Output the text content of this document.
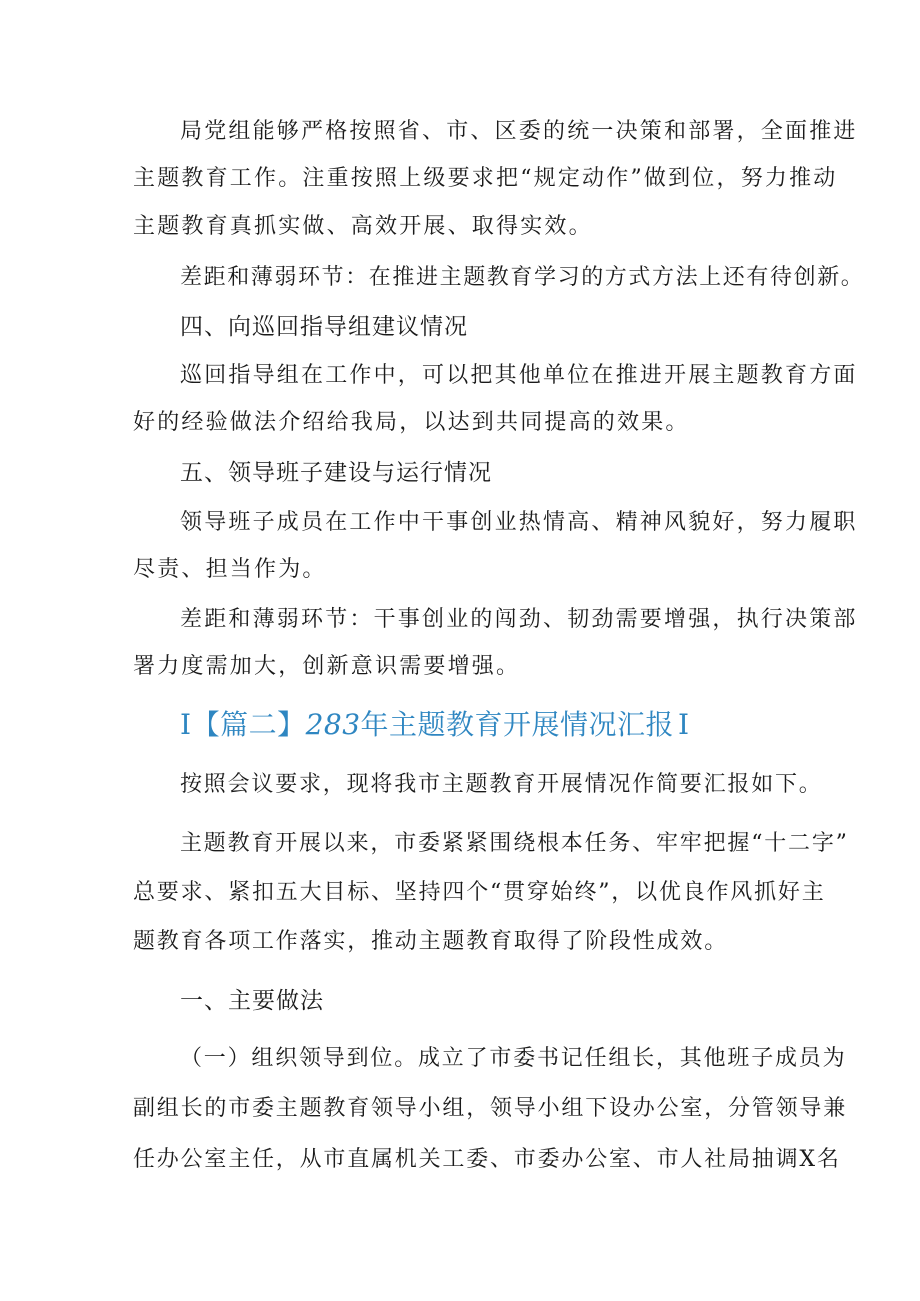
局党组能够严格按照省、市、区委的统一决策和部署，全面推进
主题教育工作。注重按照上级要求把“规定动作”做到位，努力推动
主题教育真抓实做、高效开展、取得实效。
差距和薄弱环节：在推进主题教育学习的方式方法上还有待创新。
四、向巡回指导组建议情况
巡回指导组在工作中，可以把其他单位在推进开展主题教育方面
好的经验做法介绍给我局，以达到共同提高的效果。
五、领导班子建设与运行情况
领导班子成员在工作中干事创业热情高、精神风貌好，努力履职
尽责、担当作为。
差距和薄弱环节：干事创业的闯劲、韧劲需要增强，执行决策部
署力度需加大，创新意识需要增强。
I【篇二】283年主题教育开展情况汇报 I
按照会议要求，现将我市主题教育开展情况作简要汇报如下。
主题教育开展以来，市委紧紧围绕根本任务、牢牢把握“十二字”
总要求、紧扣五大目标、坚持四个“贯穿始终”，以优良作风抓好主
题教育各项工作落实，推动主题教育取得了阶段性成效。
一、主要做法
（一）组织领导到位。成立了市委书记任组长，其他班子成员为
副组长的市委主题教育领导小组，领导小组下设办公室，分管领导兼
任办公室主任，从市直属机关工委、市委办公室、市人社局抽调X名
